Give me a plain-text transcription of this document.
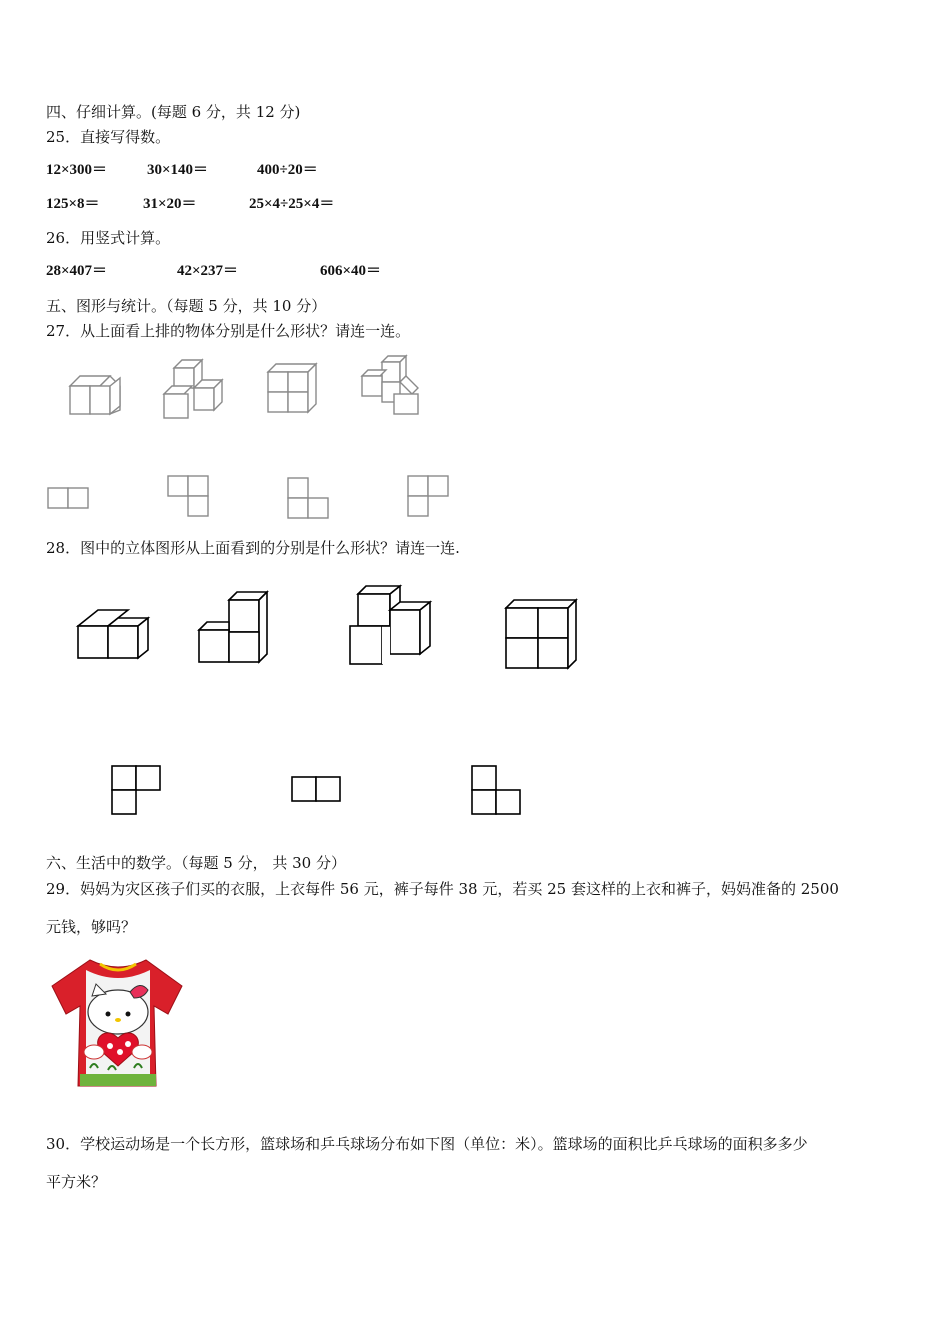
四、仔细计算。(每题 6 分，共 12 分)
25．直接写得数。
12×300＝	30×140＝	400÷20＝
125×8＝	31×20＝	25×4÷25×4＝
26．用竖式计算。
28×407＝	42×237＝	606×40＝
五、图形与统计。（每题 5 分，共 10 分）
27．从上面看上排的物体分别是什么形状？请连一连。
28．图中的立体图形从上面看到的分别是什么形状？请连一连.
六、生活中的数学。（每题 5 分， 共 30 分）
29．妈妈为灾区孩子们买的衣服，上衣每件 56 元，裤子每件 38 元，若买 25 套这样的上衣和裤子，妈妈准备的 2500
元钱，够吗？
30．学校运动场是一个长方形，篮球场和乒乓球场分布如下图（单位：米）。篮球场的面积比乒乓球场的面积多多少
平方米？
